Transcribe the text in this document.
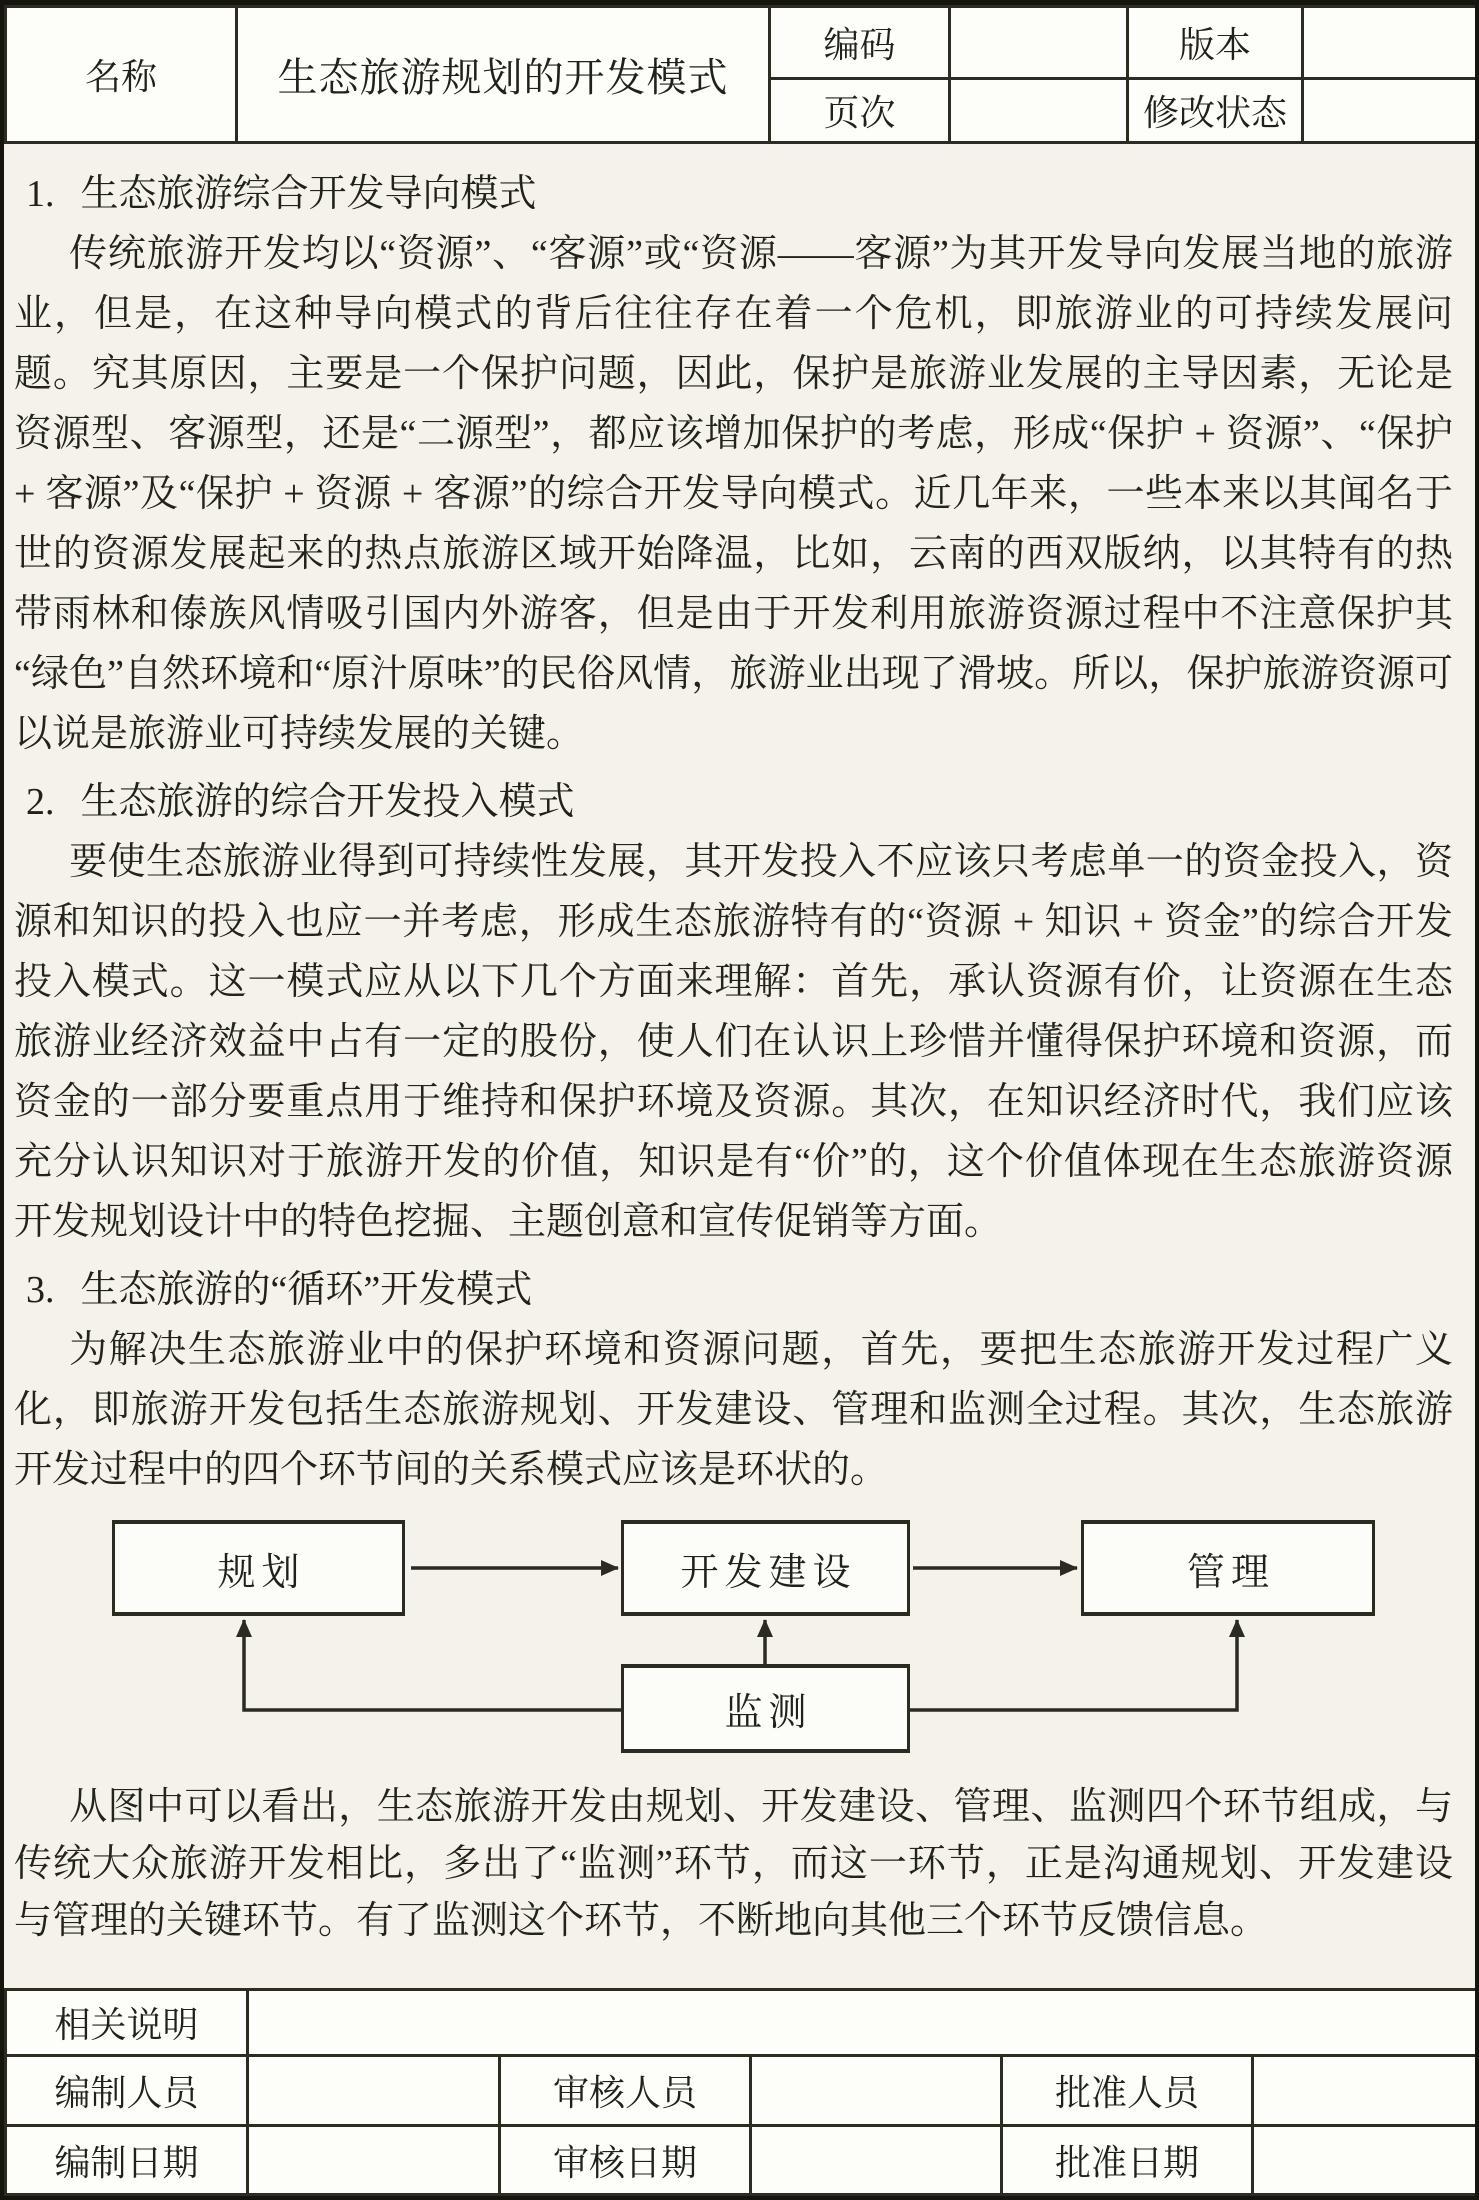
名称	生态旅游规划的开发模式	编码		版本	
		页次		修改状态	
1. 生态旅游综合开发导向模式

传统旅游开发均以“资源”、“客源”或“资源——客源”为其开发导向发展当地的旅游业，但是，在这种导向模式的背后往往存在着一个危机，即旅游业的可持续发展问题。究其原因，主要是一个保护问题，因此，保护是旅游业发展的主导因素，无论是资源型、客源型，还是“二源型”，都应该增加保护的考虑，形成“保护 + 资源”、“保护 + 客源”及“保护 + 资源 + 客源”的综合开发导向模式。近几年来，一些本来以其闻名于世的资源发展起来的热点旅游区域开始降温，比如，云南的西双版纳，以其特有的热带雨林和傣族风情吸引国内外游客，但是由于开发利用旅游资源过程中不注意保护其“绿色”自然环境和“原汁原味”的民俗风情，旅游业出现了滑坡。所以，保护旅游资源可以说是旅游业可持续发展的关键。

2. 生态旅游的综合开发投入模式

要使生态旅游业得到可持续性发展，其开发投入不应该只考虑单一的资金投入，资源和知识的投入也应一并考虑，形成生态旅游特有的“资源 + 知识 + 资金”的综合开发投入模式。这一模式应从以下几个方面来理解：首先，承认资源有价，让资源在生态旅游业经济效益中占有一定的股份，使人们在认识上珍惜并懂得保护环境和资源，而资金的一部分要重点用于维持和保护环境及资源。其次，在知识经济时代，我们应该充分认识知识对于旅游开发的价值，知识是有“价”的，这个价值体现在生态旅游资源开发规划设计中的特色挖掘、主题创意和宣传促销等方面。

3. 生态旅游的“循环”开发模式

为解决生态旅游业中的保护环境和资源问题，首先，要把生态旅游开发过程广义化，即旅游开发包括生态旅游规划、开发建设、管理和监测全过程。其次，生态旅游开发过程中的四个环节间的关系模式应该是环状的。

规划	开发建设	管理
监测

从图中可以看出，生态旅游开发由规划、开发建设、管理、监测四个环节组成，与传统大众旅游开发相比，多出了“监测”环节，而这一环节，正是沟通规划、开发建设与管理的关键环节。有了监测这个环节，不断地向其他三个环节反馈信息。

相关说明					
编制人员		审核人员		批准人员	
编制日期		审核日期		批准日期	
